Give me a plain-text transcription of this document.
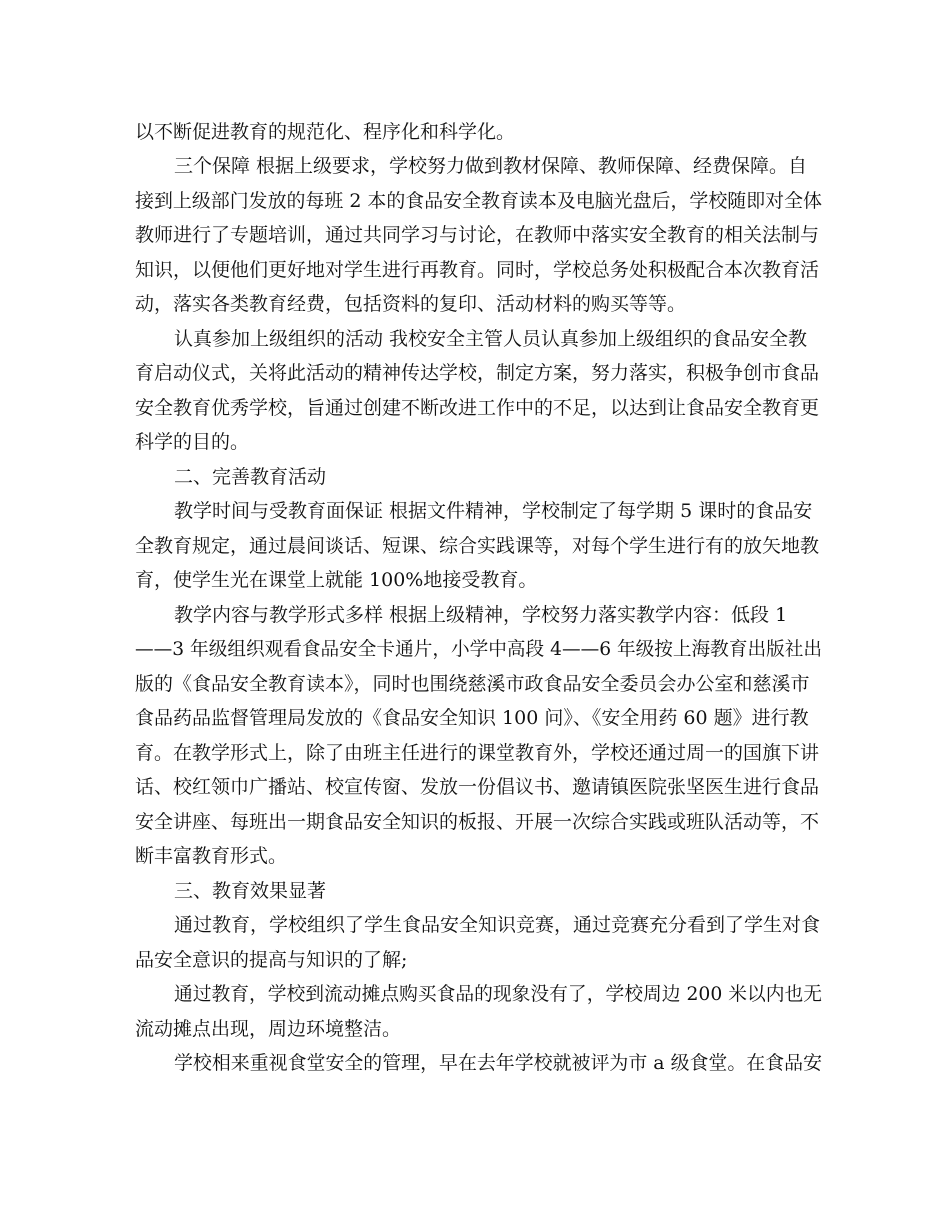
以不断促进教育的规范化、程序化和科学化。
三个保障 根据上级要求，学校努力做到教材保障、教师保障、经费保障。自
接到上级部门发放的每班 2 本的食品安全教育读本及电脑光盘后，学校随即对全体
教师进行了专题培训，通过共同学习与讨论，在教师中落实安全教育的相关法制与
知识，以便他们更好地对学生进行再教育。同时，学校总务处积极配合本次教育活
动，落实各类教育经费，包括资料的复印、活动材料的购买等等。
认真参加上级组织的活动 我校安全主管人员认真参加上级组织的食品安全教
育启动仪式，关将此活动的精神传达学校，制定方案，努力落实，积极争创市食品
安全教育优秀学校，旨通过创建不断改进工作中的不足，以达到让食品安全教育更
科学的目的。
二、完善教育活动
教学时间与受教育面保证 根据文件精神，学校制定了每学期 5 课时的食品安
全教育规定，通过晨间谈话、短课、综合实践课等，对每个学生进行有的放矢地教
育，使学生光在课堂上就能 100%地接受教育。
教学内容与教学形式多样 根据上级精神，学校努力落实教学内容：低段 1
——3 年级组织观看食品安全卡通片，小学中高段 4——6 年级按上海教育出版社出
版的《食品安全教育读本》，同时也围绕慈溪市政食品安全委员会办公室和慈溪市
食品药品监督管理局发放的《食品安全知识 100 问》、《安全用药 60 题》进行教
育。在教学形式上，除了由班主任进行的课堂教育外，学校还通过周一的国旗下讲
话、校红领巾广播站、校宣传窗、发放一份倡议书、邀请镇医院张坚医生进行食品
安全讲座、每班出一期食品安全知识的板报、开展一次综合实践或班队活动等，不
断丰富教育形式。
三、教育效果显著
通过教育，学校组织了学生食品安全知识竞赛，通过竞赛充分看到了学生对食
品安全意识的提高与知识的了解;
通过教育，学校到流动摊点购买食品的现象没有了，学校周边 200 米以内也无
流动摊点出现，周边环境整洁。
学校相来重视食堂安全的管理，早在去年学校就被评为市 a 级食堂。在食品安
